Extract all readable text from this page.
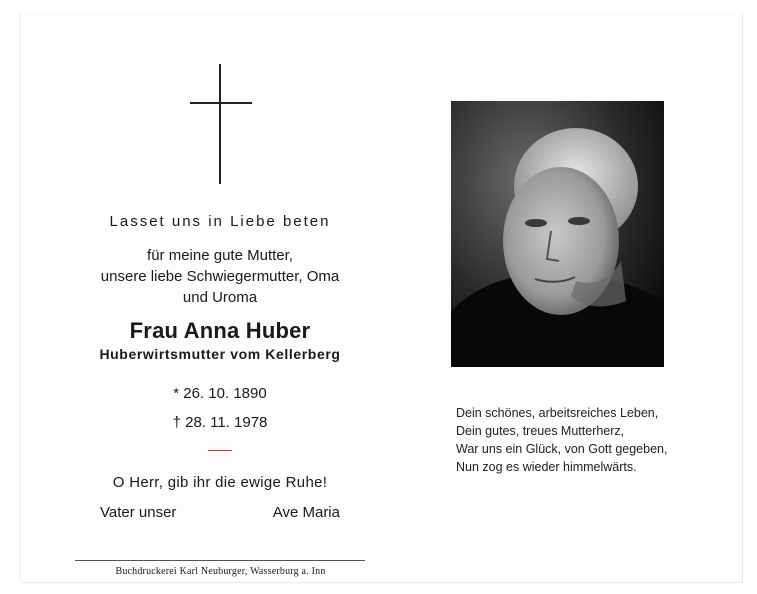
Lasset uns in Liebe beten
für meine gute Mutter,
unsere liebe Schwiegermutter, Oma
und Uroma
Frau Anna Huber
Huberwirtsmutter vom Kellerberg
* 26. 10. 1890
† 28. 11. 1978
O Herr, gib ihr die ewige Ruhe!
Vater unser	Ave Maria
Buchdruckerei Karl Neuburger, Wasserburg a. Inn
Dein schönes, arbeitsreiches Leben,
Dein gutes, treues Mutterherz,
War uns ein Glück, von Gott gegeben,
Nun zog es wieder himmelwärts.
